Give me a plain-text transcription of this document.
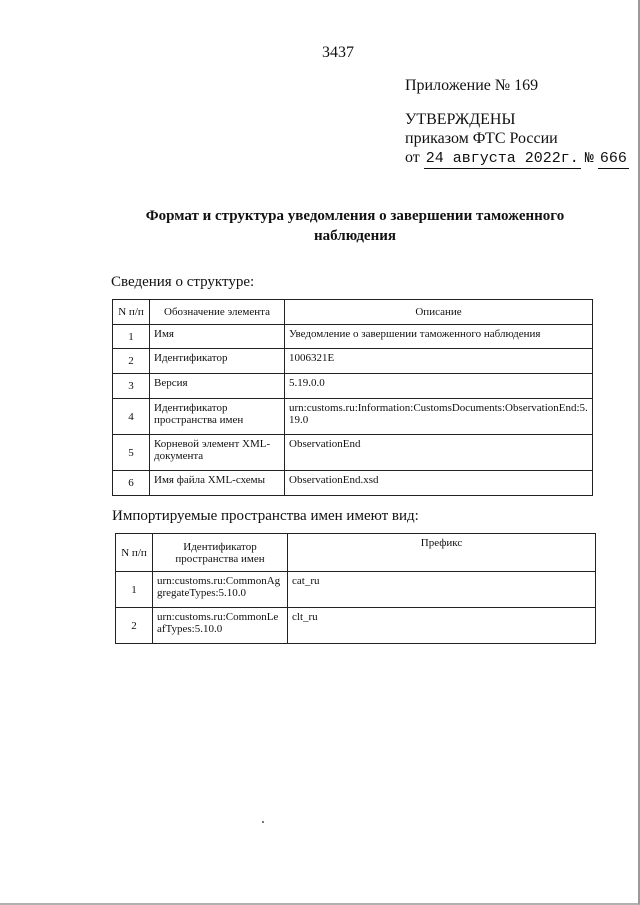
3437
Приложение № 169
УТВЕРЖДЕНЫ
приказом ФТС России
от
24 августа 2022г.
№
666
Формат и структура уведомления о завершении таможенного наблюдения
Сведения о структуре:
N п/п	Обозначение элемента	Описание
1	Имя	Уведомление о завершении таможенного наблюдения
2	Идентификатор	1006321E
3	Версия	5.19.0.0
4	Идентификатор пространства имен	urn:customs.ru:Information:CustomsDocuments:ObservationEnd:5.19.0
5	Корневой элемент XML-документа	ObservationEnd
6	Имя файла XML-схемы	ObservationEnd.xsd
Импортируемые пространства имен имеют вид:
N п/п	Идентификатор пространства имен	Префикс
1	urn:customs.ru:CommonAggregateTypes:5.10.0	cat_ru
2	urn:customs.ru:CommonLeafTypes:5.10.0	clt_ru
